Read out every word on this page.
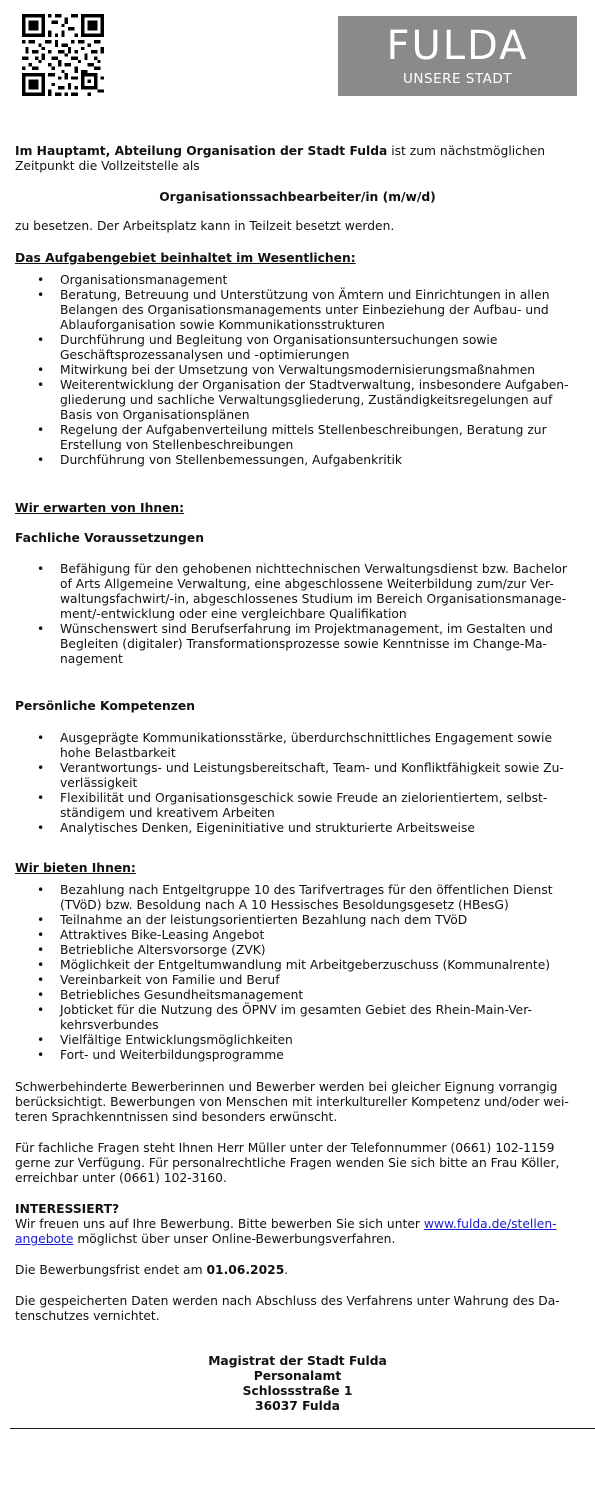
FULDA
UNSERE STADT
Im Hauptamt, Abteilung Organisation der Stadt Fulda ist zum nächstmöglichen
Zeitpunkt die Vollzeitstelle als
Organisationssachbearbeiter/in (m/w/d)
zu besetzen. Der Arbeitsplatz kann in Teilzeit besetzt werden.
Das Aufgabengebiet beinhaltet im Wesentlichen:
• Organisationsmanagement
• Beratung, Betreuung und Unterstützung von Ämtern und Einrichtungen in allen
Belangen des Organisationsmanagements unter Einbeziehung der Aufbau- und
Ablauforganisation sowie Kommunikationsstrukturen
• Durchführung und Begleitung von Organisationsuntersuchungen sowie
Geschäftsprozessanalysen und -optimierungen
• Mitwirkung bei der Umsetzung von Verwaltungsmodernisierungsmaßnahmen
• Weiterentwicklung der Organisation der Stadtverwaltung, insbesondere Aufgaben-
gliederung und sachliche Verwaltungsgliederung, Zuständigkeitsregelungen auf
Basis von Organisationsplänen
• Regelung der Aufgabenverteilung mittels Stellenbeschreibungen, Beratung zur
Erstellung von Stellenbeschreibungen
• Durchführung von Stellenbemessungen, Aufgabenkritik
Wir erwarten von Ihnen:
Fachliche Voraussetzungen
• Befähigung für den gehobenen nichttechnischen Verwaltungsdienst bzw. Bachelor
of Arts Allgemeine Verwaltung, eine abgeschlossene Weiterbildung zum/zur Ver-
waltungsfachwirt/-in, abgeschlossenes Studium im Bereich Organisationsmanage-
ment/-entwicklung oder eine vergleichbare Qualifikation
• Wünschenswert sind Berufserfahrung im Projektmanagement, im Gestalten und
Begleiten (digitaler) Transformationsprozesse sowie Kenntnisse im Change-Ma-
nagement
Persönliche Kompetenzen
• Ausgeprägte Kommunikationsstärke, überdurchschnittliches Engagement sowie
hohe Belastbarkeit
• Verantwortungs- und Leistungsbereitschaft, Team- und Konfliktfähigkeit sowie Zu-
verlässigkeit
• Flexibilität und Organisationsgeschick sowie Freude an zielorientiertem, selbst-
ständigem und kreativem Arbeiten
• Analytisches Denken, Eigeninitiative und strukturierte Arbeitsweise
Wir bieten Ihnen:
• Bezahlung nach Entgeltgruppe 10 des Tarifvertrages für den öffentlichen Dienst
(TVöD) bzw. Besoldung nach A 10 Hessisches Besoldungsgesetz (HBesG)
• Teilnahme an der leistungsorientierten Bezahlung nach dem TVöD
• Attraktives Bike-Leasing Angebot
• Betriebliche Altersvorsorge (ZVK)
• Möglichkeit der Entgeltumwandlung mit Arbeitgeberzuschuss (Kommunalrente)
• Vereinbarkeit von Familie und Beruf
• Betriebliches Gesundheitsmanagement
• Jobticket für die Nutzung des ÖPNV im gesamten Gebiet des Rhein-Main-Ver-
kehrsverbundes
• Vielfältige Entwicklungsmöglichkeiten
• Fort- und Weiterbildungsprogramme
Schwerbehinderte Bewerberinnen und Bewerber werden bei gleicher Eignung vorrangig
berücksichtigt. Bewerbungen von Menschen mit interkultureller Kompetenz und/oder wei-
teren Sprachkenntnissen sind besonders erwünscht.
Für fachliche Fragen steht Ihnen Herr Müller unter der Telefonnummer (0661) 102-1159
gerne zur Verfügung. Für personalrechtliche Fragen wenden Sie sich bitte an Frau Köller,
erreichbar unter (0661) 102-3160.
INTERESSIERT?
Wir freuen uns auf Ihre Bewerbung. Bitte bewerben Sie sich unter www.fulda.de/stellen-
angebote möglichst über unser Online-Bewerbungsverfahren.
Die Bewerbungsfrist endet am 01.06.2025.
Die gespeicherten Daten werden nach Abschluss des Verfahrens unter Wahrung des Da-
tenschutzes vernichtet.
Magistrat der Stadt Fulda
Personalamt
Schlossstraße 1
36037 Fulda
